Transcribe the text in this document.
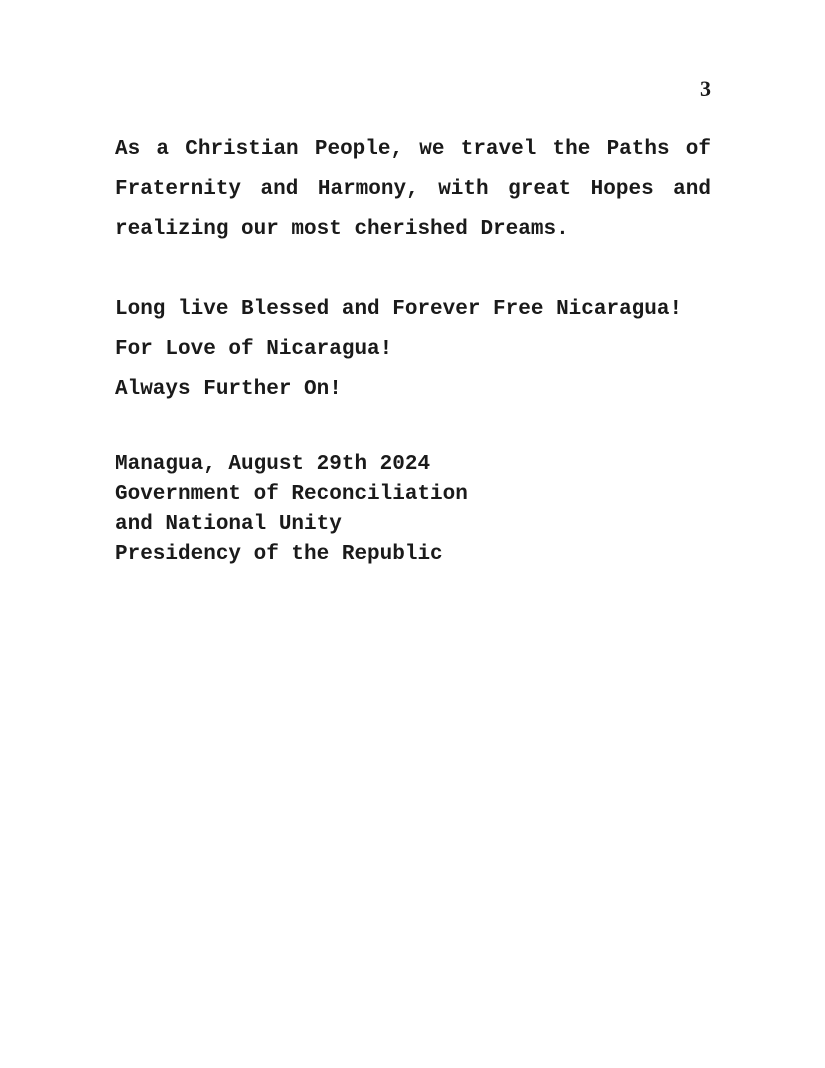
3

As a Christian People, we travel the Paths of Fraternity and Harmony, with great Hopes and realizing our most cherished Dreams.

Long live Blessed and Forever Free Nicaragua!
For Love of Nicaragua!
Always Further On!
Managua, August 29th 2024
Government of Reconciliation
and National Unity
Presidency of the Republic
